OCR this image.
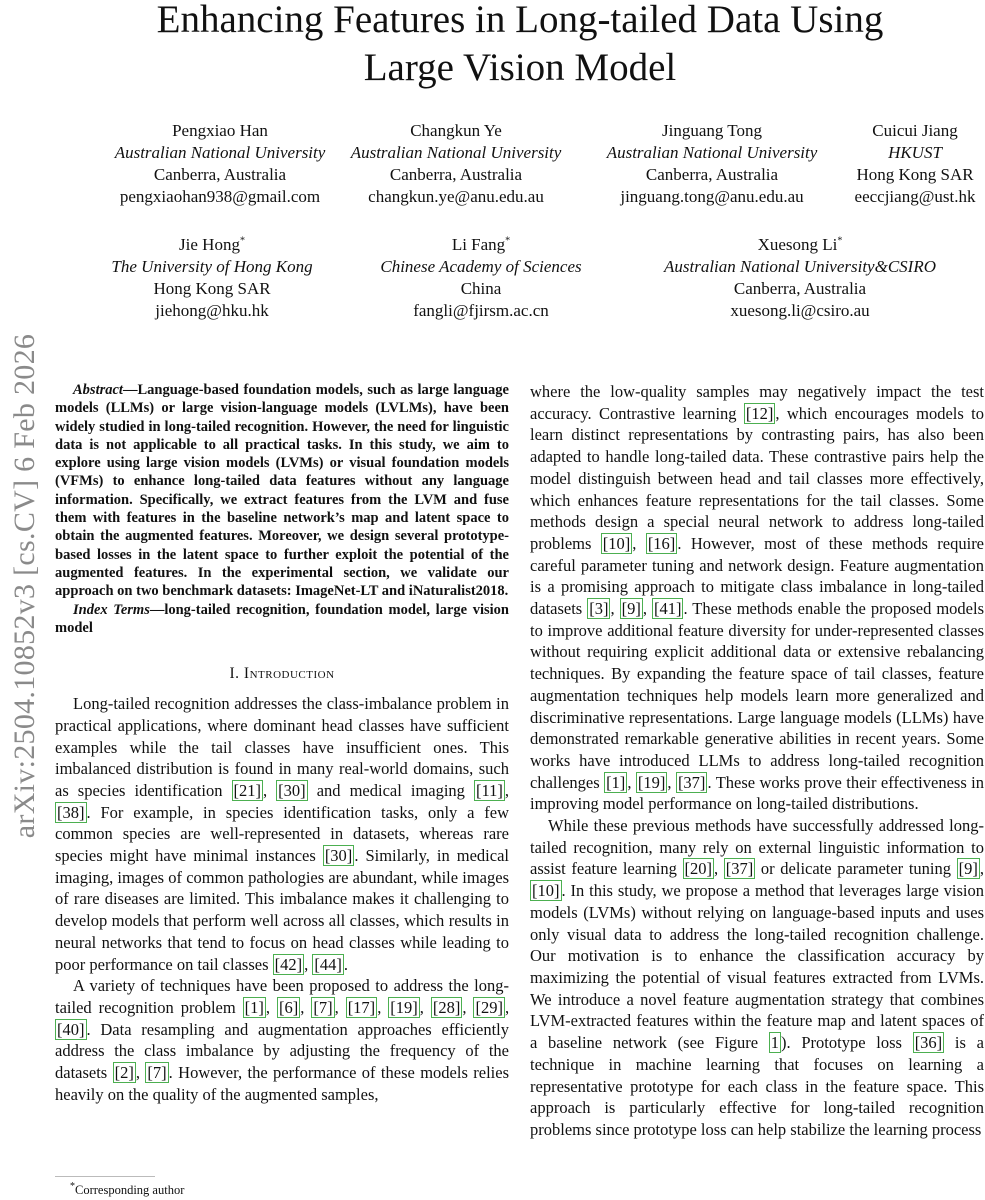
Enhancing Features in Long-tailed Data Using
Large Vision Model
Pengxiao Han
Australian National University
Canberra, Australia
pengxiaohan938@gmail.com
Changkun Ye
Australian National University
Canberra, Australia
changkun.ye@anu.edu.au
Jinguang Tong
Australian National University
Canberra, Australia
jinguang.tong@anu.edu.au
Cuicui Jiang
HKUST
Hong Kong SAR
eeccjiang@ust.hk
Jie Hong*
The University of Hong Kong
Hong Kong SAR
jiehong@hku.hk
Li Fang*
Chinese Academy of Sciences
China
fangli@fjirsm.ac.cn
Xuesong Li*
Australian National University&CSIRO
Canberra, Australia
xuesong.li@csiro.au
arXiv:2504.10852v3 [cs.CV] 6 Feb 2026	Abstract—Language-based foundation models, such as large language models (LLMs) or large vision-language models (LVLMs), have been widely studied in long-tailed recognition. However, the need for linguistic data is not applicable to all practical tasks. In this study, we aim to explore using large vision models (LVMs) or visual foundation models (VFMs) to enhance long-tailed data features without any language information. Specifically, we extract features from the LVM and fuse them with features in the baseline network’s map and latent space to obtain the augmented features. Moreover, we design several prototype-based losses in the latent space to further exploit the potential of the augmented features. In the experimental section, we validate our approach on two benchmark datasets: ImageNet-LT and iNaturalist2018.

Index Terms—long-tailed recognition, foundation model, large vision model

I. Introduction

Long-tailed recognition addresses the class-imbalance problem in practical applications, where dominant head classes have sufficient examples while the tail classes have insufficient ones. This imbalanced distribution is found in many real-world domains, such as species identification [21] , [30] and medical imaging [11] , [38] . For example, in species identification tasks, only a few common species are well-represented in datasets, whereas rare species might have minimal instances [30] . Similarly, in medical imaging, images of common pathologies are abundant, while images of rare diseases are limited. This imbalance makes it challenging to develop models that perform well across all classes, which results in neural networks that tend to focus on head classes while leading to poor performance on tail classes [42] , [44] .

A variety of techniques have been proposed to address the long-tailed recognition problem [1] , [6] , [7] , [17] , [19] , [28] , [29] , [40] . Data resampling and augmentation approaches efficiently address the class imbalance by adjusting the frequency of the datasets [2] , [7] . However, the performance of these models relies heavily on the quality of the augmented samples,

where the low-quality samples may negatively impact the test accuracy. Contrastive learning [12] , which encourages models to learn distinct representations by contrasting pairs, has also been adapted to handle long-tailed data. These contrastive pairs help the model distinguish between head and tail classes more effectively, which enhances feature representations for the tail classes. Some methods design a special neural network to address long-tailed problems [10] , [16] . However, most of these methods require careful parameter tuning and network design. Feature augmentation is a promising approach to mitigate class imbalance in long-tailed datasets [3] , [9] , [41] . These methods enable the proposed models to improve additional feature diversity for under-represented classes without requiring explicit additional data or extensive rebalancing techniques. By expanding the feature space of tail classes, feature augmentation techniques help models learn more generalized and discriminative representations. Large language models (LLMs) have demonstrated remarkable generative abilities in recent years. Some works have introduced LLMs to address long-tailed recognition challenges [1] , [19] , [37] . These works prove their effectiveness in improving model performance on long-tailed distributions.

While these previous methods have successfully addressed long-tailed recognition, many rely on external linguistic information to assist feature learning [20] , [37] or delicate parameter tuning [9] , [10] . In this study, we propose a method that leverages large vision models (LVMs) without relying on language-based inputs and uses only visual data to address the long-tailed recognition challenge. Our motivation is to enhance the classification accuracy by maximizing the potential of visual features extracted from LVMs. We introduce a novel feature augmentation strategy that combines LVM-extracted features within the feature map and latent spaces of a baseline network (see Figure 1 ). Prototype loss [36] is a technique in machine learning that focuses on learning a representative prototype for each class in the feature space. This approach is particularly effective for long-tailed recognition problems since prototype loss can help stabilize the learning process

*Corresponding author
